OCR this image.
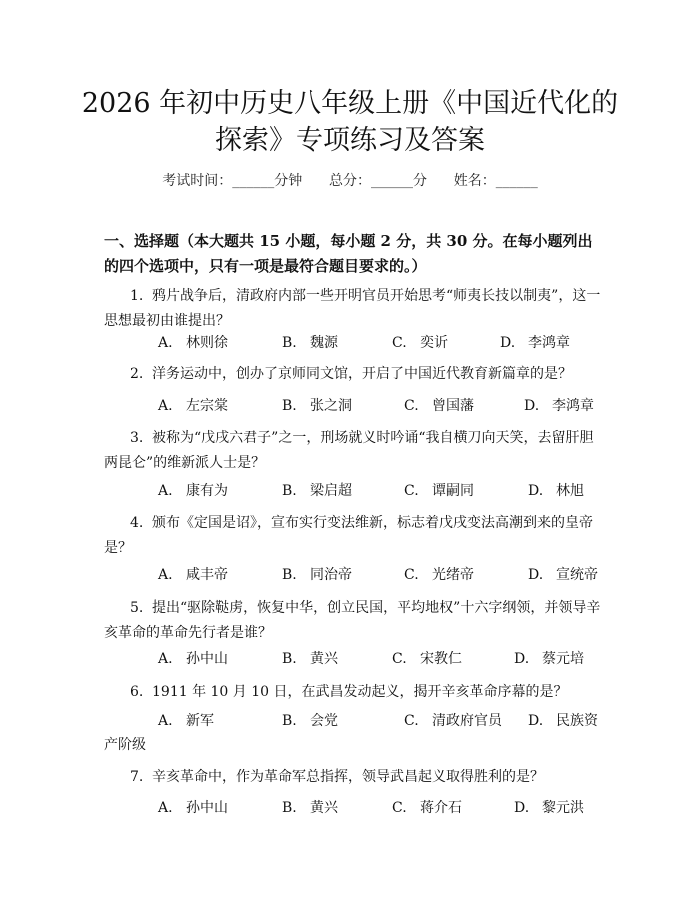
2026 年初中历史八年级上册《中国近代化的
探索》专项练习及答案
考试时间：______分钟      总分：______分      姓名：______
一、选择题（本大题共 15 小题，每小题 2 分，共 30 分。在每小题列出的四个选项中，只有一项是最符合题目要求的。）
1. 鸦片战争后，清政府内部一些开明官员开始思考“师夷长技以制夷”，这一思想最初由谁提出？
A. 林则徐	B. 魏源	C. 奕䜣	D. 李鸿章
2. 洋务运动中，创办了京师同文馆，开启了中国近代教育新篇章的是？
A. 左宗棠	B. 张之洞	C. 曾国藩	D. 李鸿章
3. 被称为“戊戌六君子”之一，刑场就义时吟诵“我自横刀向天笑，去留肝胆两昆仑”的维新派人士是？
A. 康有为	B. 梁启超	C. 谭嗣同	D. 林旭
4. 颁布《定国是诏》，宣布实行变法维新，标志着戊戌变法高潮到来的皇帝是？
A. 咸丰帝	B. 同治帝	C. 光绪帝	D. 宣统帝
5. 提出“驱除鞑虏，恢复中华，创立民国，平均地权”十六字纲领，并领导辛亥革命的革命先行者是谁？
A. 孙中山	B. 黄兴	C. 宋教仁	D. 蔡元培
6. 1911 年 10 月 10 日，在武昌发动起义，揭开辛亥革命序幕的是？
A. 新军	B. 会党	C. 清政府官员 D. 民族资
产阶级
7. 辛亥革命中，作为革命军总指挥，领导武昌起义取得胜利的是？
A. 孙中山	B. 黄兴	C. 蒋介石	D. 黎元洪
